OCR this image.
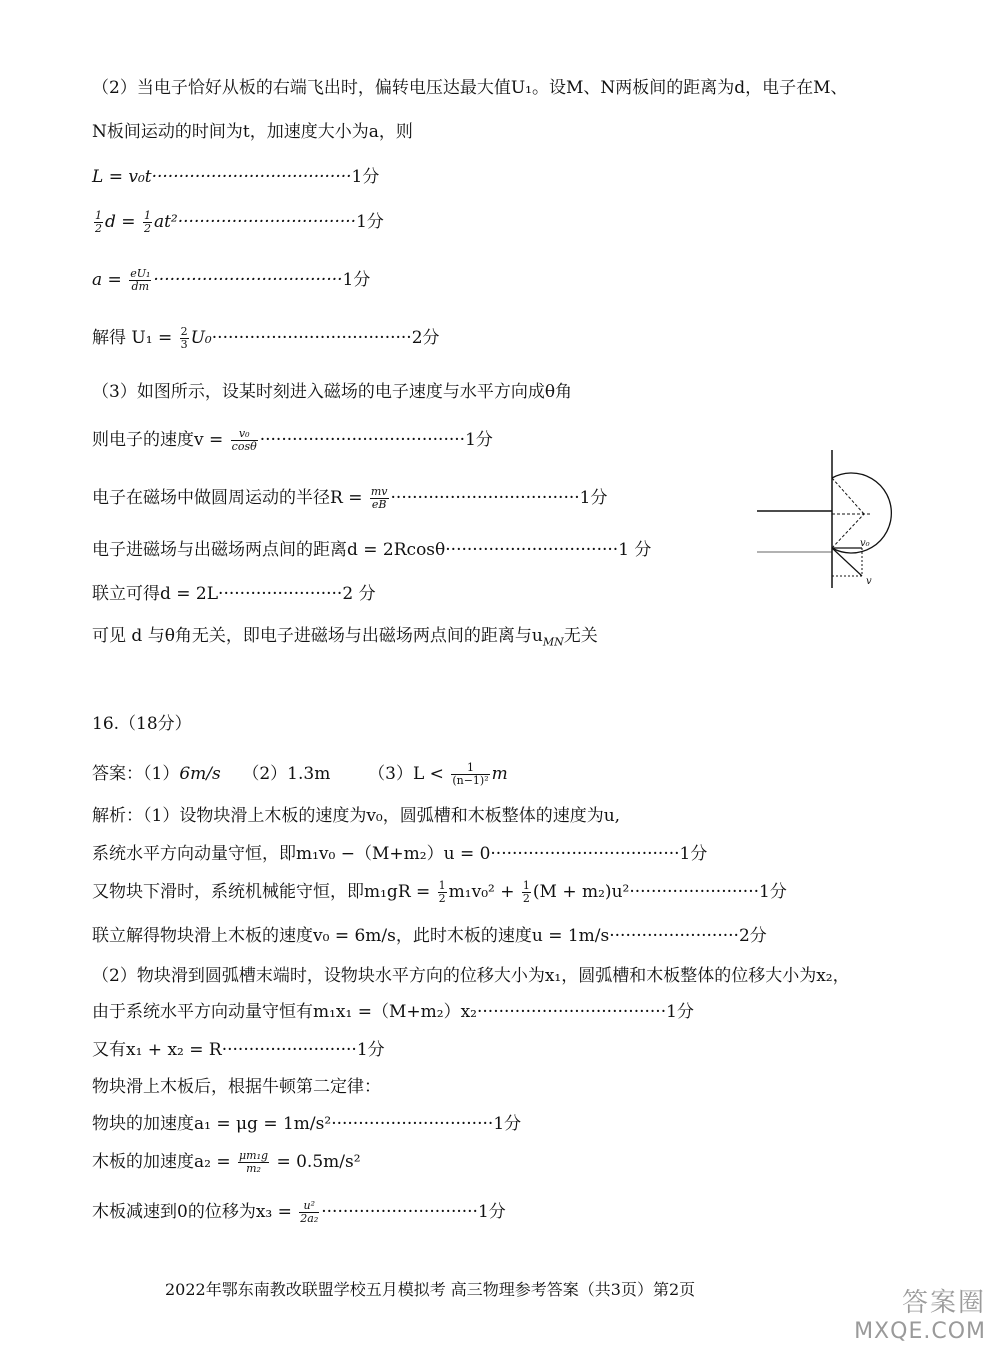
（2）当电子恰好从板的右端飞出时，偏转电压达最大值U₁。设M、N两板间的距离为d，电子在M、
N板间运动的时间为t，加速度大小为a，则
L = v₀t·····································1分
$\frac{1}{2}$ $d = \frac{1}{2} at^2\cdot\cdot\cdot\cdot\cdot\cdot\cdot\cdot\cdot\cdot\cdot\cdot\cdot\cdot\cdot\cdot\cdot\cdot\cdot\cdot\cdot\cdot\cdot\cdot\cdot\cdot\cdot\cdot\cdot\cdot\cdot\cdot\cdot 1$分
$a = \frac{\text{eU₁}}{dm} \cdot\cdot\cdot\cdot\cdot\cdot\cdot\cdot\cdot\cdot\cdot\cdot\cdot\cdot\cdot\cdot\cdot\cdot\cdot\cdot\cdot\cdot\cdot\cdot\cdot\cdot\cdot\cdot\cdot\cdot\cdot\cdot\cdot\cdot\cdot 1$分
解得 $U_1 = \frac{2}{3} U_0\cdot\cdot\cdot\cdot\cdot\cdot\cdot\cdot\cdot\cdot\cdot\cdot\cdot\cdot\cdot\cdot\cdot\cdot\cdot\cdot\cdot\cdot\cdot\cdot\cdot\cdot\cdot\cdot\cdot\cdot\cdot\cdot\cdot\cdot\cdot\cdot\cdot 2$分
（3）如图所示，设某时刻进入磁场的电子速度与水平方向成θ角
则电子的速度$v = \frac{\text{v₀}}{\cos\theta} \cdot\cdot\cdot\cdot\cdot\cdot\cdot\cdot\cdot\cdot\cdot\cdot\cdot\cdot\cdot\cdot\cdot\cdot\cdot\cdot\cdot\cdot\cdot\cdot\cdot\cdot\cdot\cdot\cdot\cdot\cdot\cdot\cdot\cdot\cdot\cdot\cdot\cdot 1$分
电子在磁场中做圆周运动的半径$R = \frac{mv}{eB} \cdot\cdot\cdot\cdot\cdot\cdot\cdot\cdot\cdot\cdot\cdot\cdot\cdot\cdot\cdot\cdot\cdot\cdot\cdot\cdot\cdot\cdot\cdot\cdot\cdot\cdot\cdot\cdot\cdot\cdot\cdot\cdot\cdot\cdot\cdot 1$分
电子进磁场与出磁场两点间的距离d = 2Rcosθ································1 分
联立可得d = 2L·······················2 分
可见 d 与θ角无关，即电子进磁场与出磁场两点间的距离与$u_{MN}$无关
v₀
v
16.（18分）
答案：（1）6m/s （2）1.3m $(3)L < \frac{1}{\text{(n−1)²}}$ m
解析：（1）设物块滑上木板的速度为v₀，圆弧槽和木板整体的速度为u,
系统水平方向动量守恒，即m₁v₀ −（M+m₂）u = 0···································1分
又物块下滑时，系统机械能守恒，即$m_1gR = \frac{1}{2} m_1v_0^2 + \frac{1}{2} (M + m_2)u^2\cdot\cdot\cdot\cdot\cdot\cdot\cdot\cdot\cdot\cdot\cdot\cdot\cdot\cdot\cdot\cdot\cdot\cdot\cdot\cdot\cdot\cdot\cdot\cdot 1$分
联立解得物块滑上木板的速度v₀ = 6m/s，此时木板的速度u = 1m/s························2分
（2）物块滑到圆弧槽末端时，设物块水平方向的位移大小为x₁，圆弧槽和木板整体的位移大小为x₂，
由于系统水平方向动量守恒有m₁x₁ =（M+m₂）x₂···································1分
又有x₁ + x₂ = R·························1分
物块滑上木板后，根据牛顿第二定律：
物块的加速度a₁ = μg = 1m/s²······························1分
木板的加速度$a_2 = \frac{\text{μm₁g}}{\text{m₂}} = 0.5m/s^2$
木板减速到0的位移为$x_3 = \frac{\text{u²}}{\text{2a₂}} \cdot\cdot\cdot\cdot\cdot\cdot\cdot\cdot\cdot\cdot\cdot\cdot\cdot\cdot\cdot\cdot\cdot\cdot\cdot\cdot\cdot\cdot\cdot\cdot\cdot\cdot\cdot\cdot\cdot 1$分
2022年鄂东南教改联盟学校五月模拟考 高三物理参考答案（共3页）第2页	答案圈
MXQE.COM
